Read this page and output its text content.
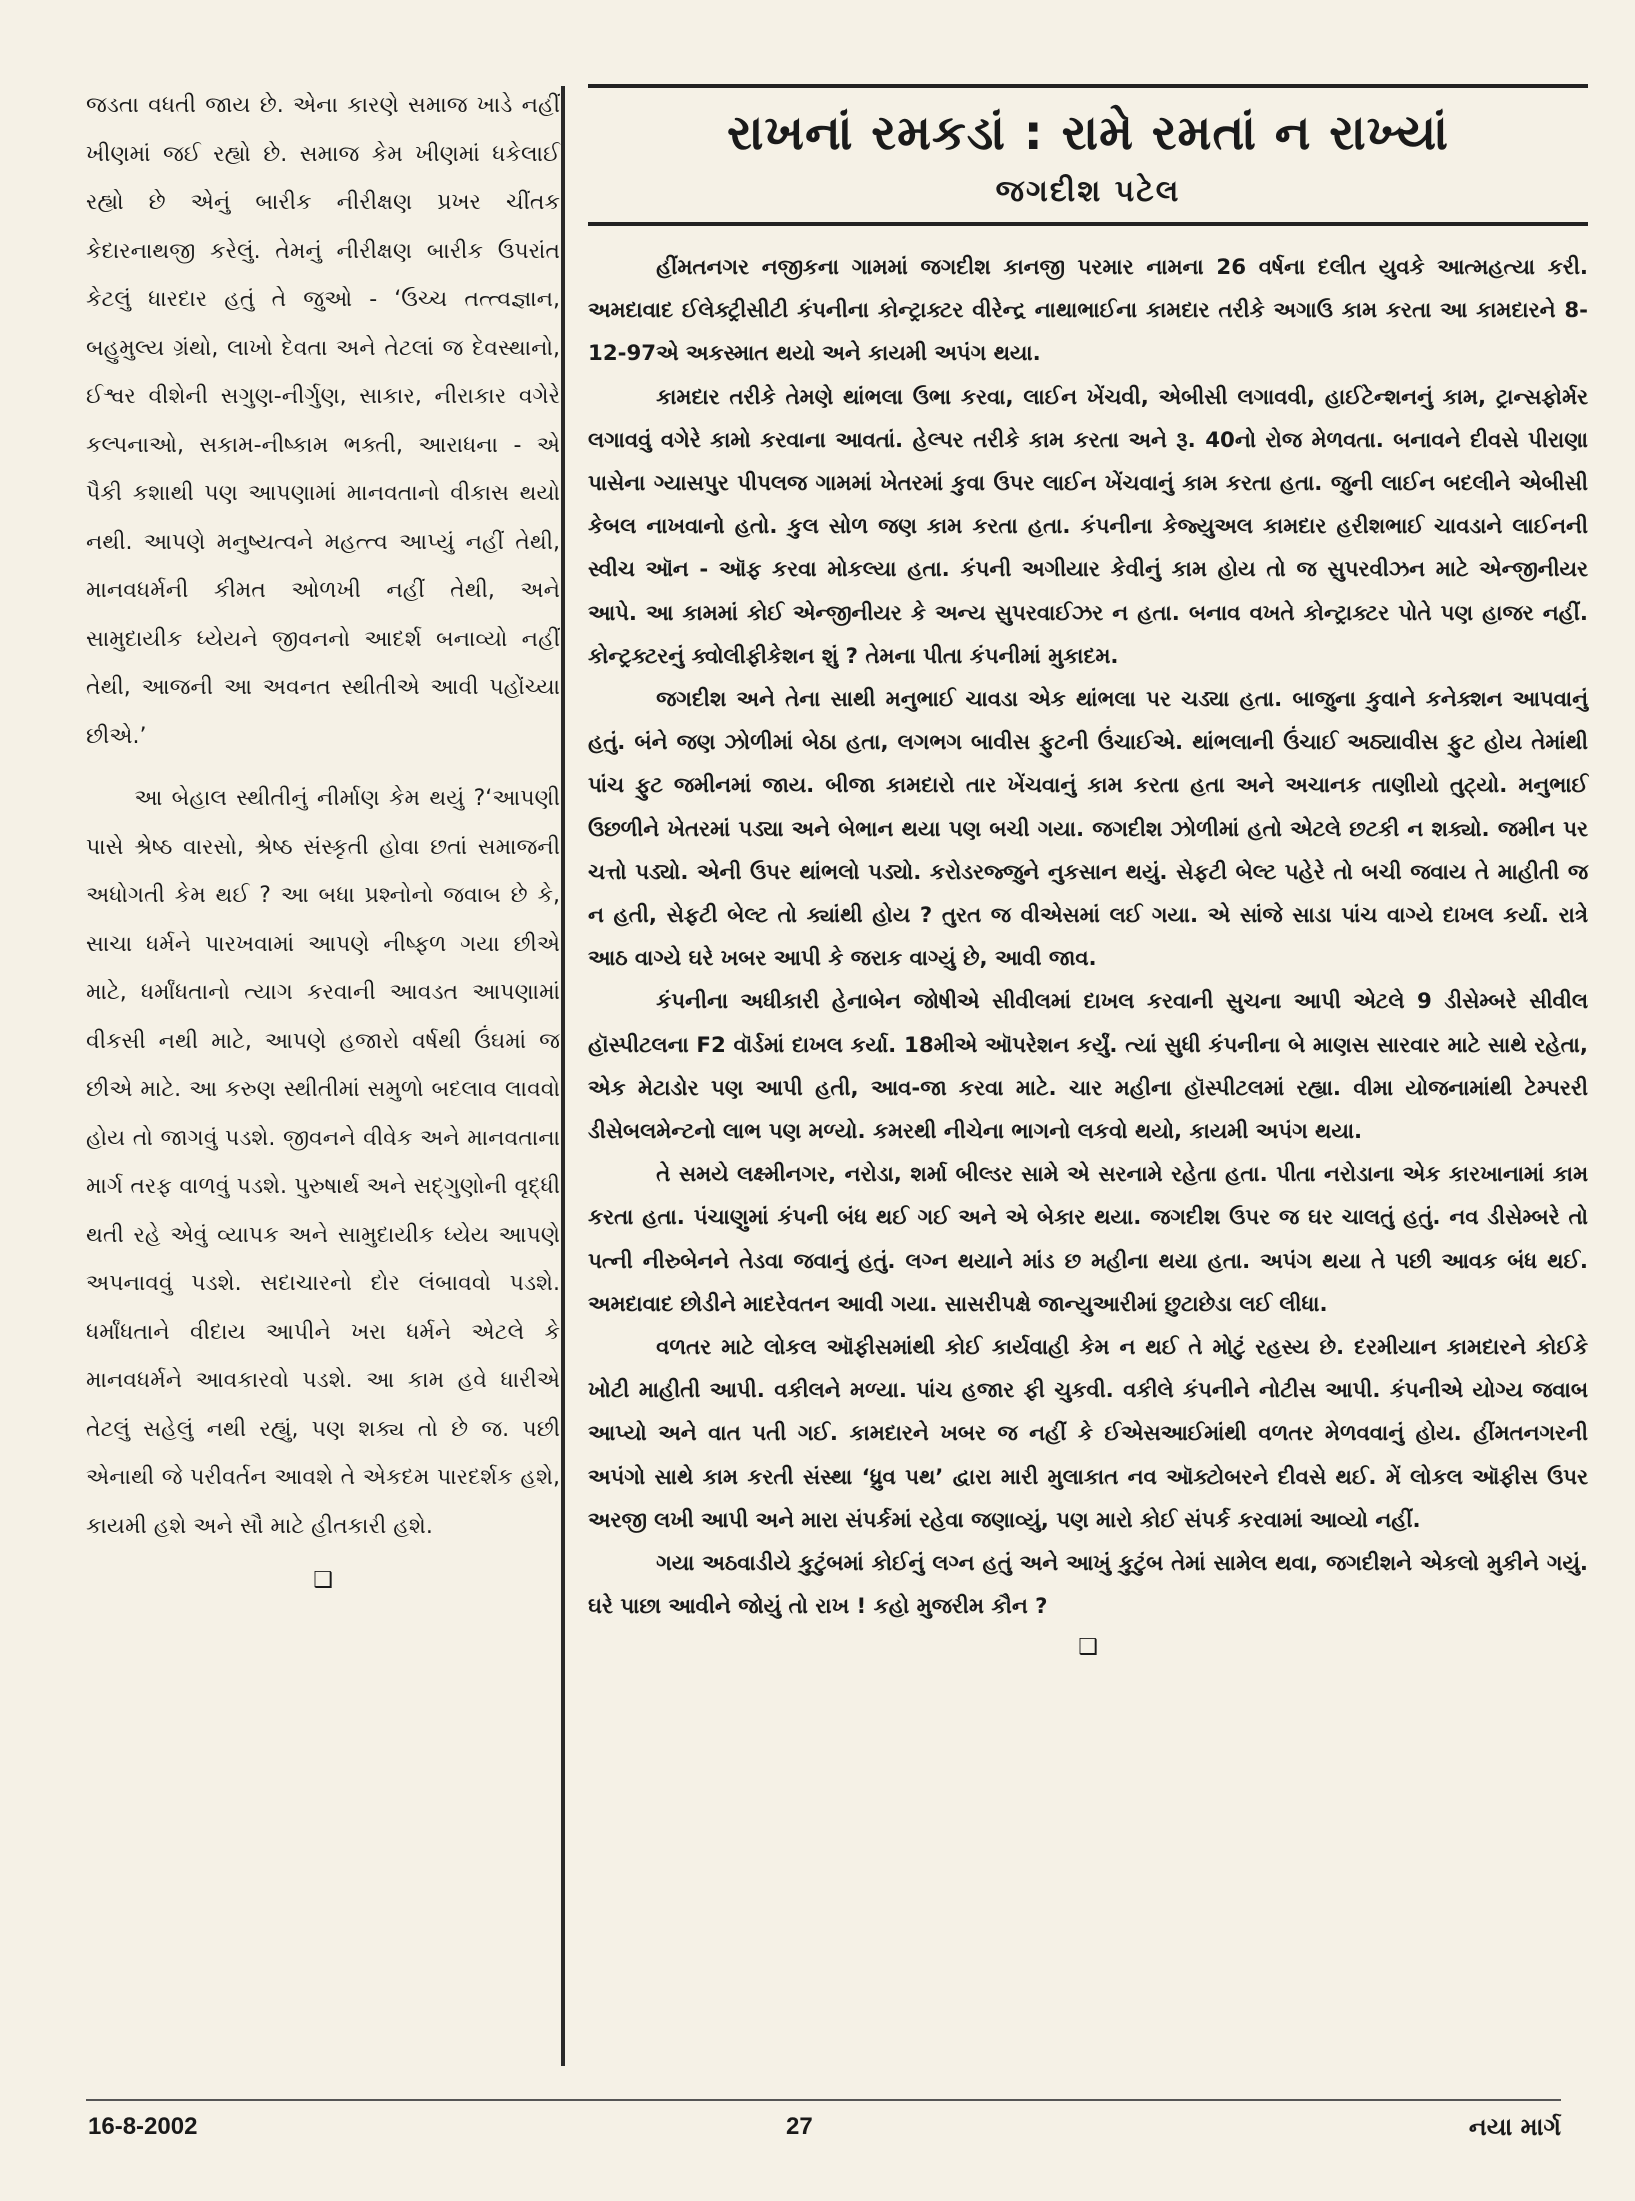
જડતા વધતી જાય છે. એના કારણે સમાજ ખાડે નહીં ખીણમાં જઈ રહ્યો છે. સમાજ કેમ ખીણમાં ધકેલાઈ રહ્યો છે એનું બારીક નીરીક્ષણ પ્રખર ચીંતક કેદારનાથજી કરેલું. તેમનું નીરીક્ષણ બારીક ઉપરાંત કેટલું ધારદાર હતું તે જુઓ - ‘ઉચ્ચ તત્ત્વજ્ઞાન, બહુમુલ્ય ગ્રંથો, લાખો દેવતા અને તેટલાં જ દેવસ્થાનો, ઈશ્વર વીશેની સગુણ-નીર્ગુણ, સાકાર, નીરાકાર વગેરે કલ્પનાઓ, સકામ-નીષ્કામ ભક્તી, આરાધના - એ પૈકી કશાથી પણ આપણામાં માનવતાનો વીકાસ થયો નથી. આપણે મનુષ્યત્વને મહત્ત્વ આપ્યું નહીં તેથી, માનવધર્મની કીમત ઓળખી નહીં તેથી, અને સામુદાયીક ધ્યેયને જીવનનો આદર્શ બનાવ્યો નહીં તેથી, આજની આ અવનત સ્થીતીએ આવી પહોંચ્યા છીએ.’

આ બેહાલ સ્થીતીનું નીર્માણ કેમ થયું ?‘આપણી પાસે શ્રેષ્ઠ વારસો, શ્રેષ્ઠ સંસ્કૃતી હોવા છતાં સમાજની અધોગતી કેમ થઈ ? આ બધા પ્રશ્નોનો જવાબ છે કે, સાચા ધર્મને પારખવામાં આપણે નીષ્ફળ ગયા છીએ માટે, ધર્માંધતાનો ત્યાગ કરવાની આવડત આપણામાં વીકસી નથી માટે, આપણે હજારો વર્ષથી ઉંઘમાં જ છીએ માટે. આ કરુણ સ્થીતીમાં સમુળો બદલાવ લાવવો હોય તો જાગવું પડશે. જીવનને વીવેક અને માનવતાના માર્ગ તરફ વાળવું પડશે. પુરુષાર્થ અને સદ્ગુણોની વૃદ્ધી થતી રહે એવું વ્યાપક અને સામુદાયીક ધ્યેય આપણે અપનાવવું પડશે. સદાચારનો દોર લંબાવવો પડશે. ધર્માંધતાને વીદાય આપીને ખરા ધર્મને એટલે કે માનવધર્મને આવકારવો પડશે. આ કામ હવે ધારીએ તેટલું સહેલું નથી રહ્યું, પણ શક્ય તો છે જ. પછી એનાથી જે પરીવર્તન આવશે તે એકદમ પારદર્શક હશે, કાયમી હશે અને સૌ માટે હીતકારી હશે.

❑
રાખનાં રમકડાં : રામે રમતાં ન રાખ્યાં
જગદીશ પટેલ

હીંમતનગર નજીકના ગામમાં જગદીશ કાનજી પરમાર નામના 26 વર્ષના દલીત યુવકે આત્મહત્યા કરી. અમદાવાદ ઈલેક્ટ્રીસીટી કંપનીના કોન્ટ્રાક્ટર વીરેન્દ્ર નાથાભાઈના કામદાર તરીકે અગાઉ કામ કરતા આ કામદારને 8-12-97એ અકસ્માત થયો અને કાયમી અપંગ થયા.

કામદાર તરીકે તેમણે થાંભલા ઉભા કરવા, લાઈન ખેંચવી, એબીસી લગાવવી, હાઈટેન્શનનું કામ, ટ્રાન્સફોર્મર લગાવવું વગેરે કામો કરવાના આવતાં. હેલ્પર તરીકે કામ કરતા અને રૂ. 40નો રોજ મેળવતા. બનાવને દીવસે પીરાણા પાસેના ગ્યાસપુર પીપલજ ગામમાં ખેતરમાં કુવા ઉપર લાઈન ખેંચવાનું કામ કરતા હતા. જુની લાઈન બદલીને એબીસી કેબલ નાખવાનો હતો. કુલ સોળ જણ કામ કરતા હતા. કંપનીના કેજ્યુઅલ કામદાર હરીશભાઈ ચાવડાને લાઈનની સ્વીચ ઑન - ઑફ કરવા મોકલ્યા હતા. કંપની અગીયાર કેવીનું કામ હોય તો જ સુપરવીઝન માટે એન્જીનીયર આપે. આ કામમાં કોઈ એન્જીનીયર કે અન્ય સુપરવાઈઝર ન હતા. બનાવ વખતે કોન્ટ્રાક્ટર પોતે પણ હાજર નહીં. કોન્ટ્રક્ટરનું ક્વોલીફીકેશન શું ? તેમના પીતા કંપનીમાં મુકાદમ.

જગદીશ અને તેના સાથી મનુભાઈ ચાવડા એક થાંભલા પર ચડ્યા હતા. બાજુના કુવાને કનેક્શન આપવાનું હતું. બંને જણ ઝોળીમાં બેઠા હતા, લગભગ બાવીસ ફુટની ઉંચાઈએ. થાંભલાની ઉંચાઈ અઠ્યાવીસ ફુટ હોય તેમાંથી પાંચ ફુટ જમીનમાં જાય. બીજા કામદારો તાર ખેંચવાનું કામ કરતા હતા અને અચાનક તાણીયો તુટ્યો. મનુભાઈ ઉછળીને ખેતરમાં પડ્યા અને બેભાન થયા પણ બચી ગયા. જગદીશ ઝોળીમાં હતો એટલે છટકી ન શક્યો. જમીન પર ચત્તો પડ્યો. એની ઉપર થાંભલો પડ્યો. કરોડરજ્જુને નુકસાન થયું. સેફટી બેલ્ટ પહેરે તો બચી જવાય તે માહીતી જ ન હતી, સેફટી બેલ્ટ તો ક્યાંથી હોય ? તુરત જ વીએસમાં લઈ ગયા. એ સાંજે સાડા પાંચ વાગ્યે દાખલ કર્યા. રાત્રે આઠ વાગ્યે ઘરે ખબર આપી કે જરાક વાગ્યું છે, આવી જાવ.

કંપનીના અધીકારી હેનાબેન જોષીએ સીવીલમાં દાખલ કરવાની સુચના આપી એટલે 9 ડીસેમ્બરે સીવીલ હૉસ્પીટલના F2 વૉર્ડમાં દાખલ કર્યા. 18મીએ ઑપરેશન કર્યું. ત્યાં સુધી કંપનીના બે માણસ સારવાર માટે સાથે રહેતા, એક મેટાડોર પણ આપી હતી, આવ-જા કરવા માટે. ચાર મહીના હૉસ્પીટલમાં રહ્યા. વીમા યોજનામાંથી ટેમ્પરરી ડીસેબલમેન્ટનો લાભ પણ મળ્યો. કમરથી નીચેના ભાગનો લકવો થયો, કાયમી અપંગ થયા.

તે સમયે લક્ષ્મીનગર, નરોડા, શર્મા બીલ્ડર સામે એ સરનામે રહેતા હતા. પીતા નરોડાના એક કારખાનામાં કામ કરતા હતા. પંચાણુમાં કંપની બંધ થઈ ગઈ અને એ બેકાર થયા. જગદીશ ઉપર જ ઘર ચાલતું હતું. નવ ડીસેમ્બરે તો પત્ની નીરુબેનને તેડવા જવાનું હતું. લગ્ન થયાને માંડ છ મહીના થયા હતા. અપંગ થયા તે પછી આવક બંધ થઈ. અમદાવાદ છોડીને માદરેવતન આવી ગયા. સાસરીપક્ષે જાન્યુઆરીમાં છુટાછેડા લઈ લીધા.

વળતર માટે લોકલ ઑફીસમાંથી કોઈ કાર્યવાહી કેમ ન થઈ તે મોટું રહસ્ય છે. દરમીયાન કામદારને કોઈકે ખોટી માહીતી આપી. વકીલને મળ્યા. પાંચ હજાર ફી ચુકવી. વકીલે કંપનીને નોટીસ આપી. કંપનીએ યોગ્ય જવાબ આપ્યો અને વાત પતી ગઈ. કામદારને ખબર જ નહીં કે ઈએસઆઈમાંથી વળતર મેળવવાનું હોય. હીંમતનગરની અપંગો સાથે કામ કરતી સંસ્થા ‘ધ્રુવ પથ’ દ્વારા મારી મુલાકાત નવ ઑક્ટોબરને દીવસે થઈ. મેં લોકલ ઑફીસ ઉપર અરજી લખી આપી અને મારા સંપર્કમાં રહેવા જણાવ્યું, પણ મારો કોઈ સંપર્ક કરવામાં આવ્યો નહીં.

ગયા અઠવાડીયે કુટુંબમાં કોઈનું લગ્ન હતું અને આખું કુટુંબ તેમાં સામેલ થવા, જગદીશને એકલો મુકીને ગયું. ઘરે પાછા આવીને જોયું તો રાખ ! કહો મુજરીમ કૌન ?

❑
16-8-2002	27	નયા માર્ગ
